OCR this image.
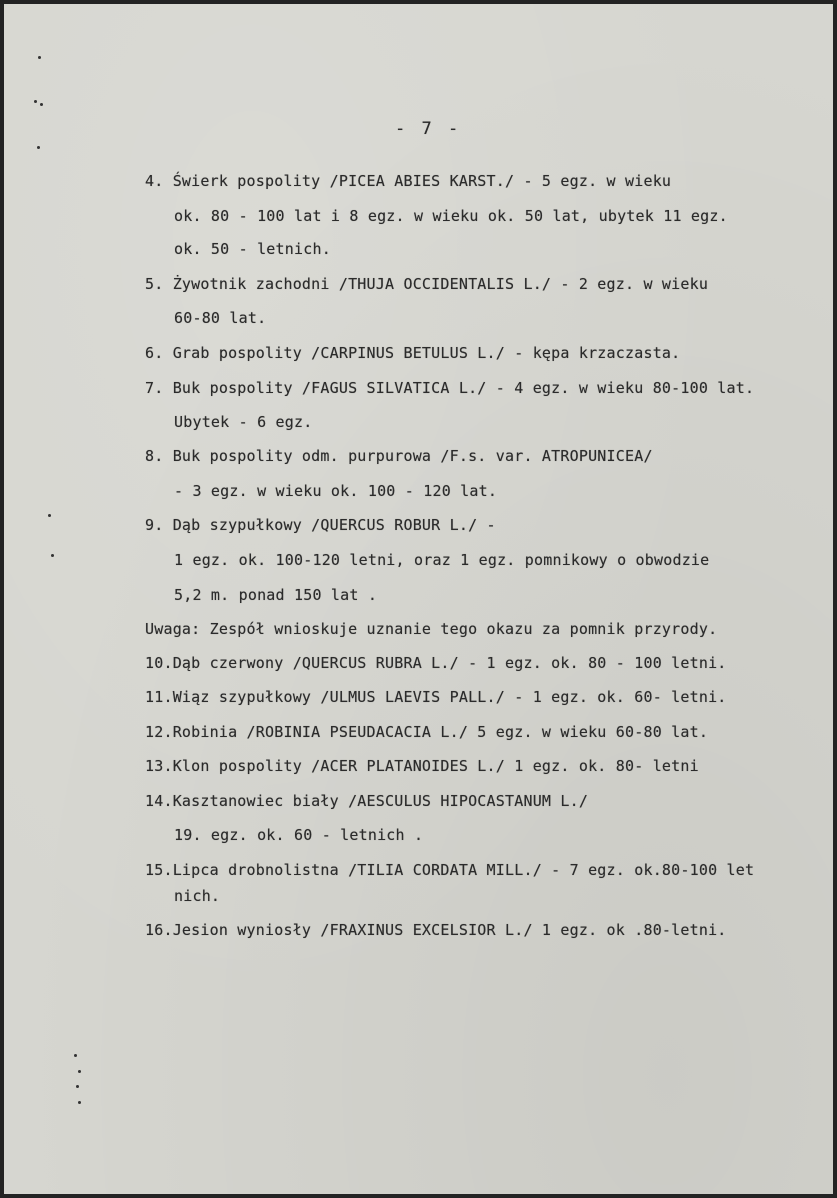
- 7 -
4. Świerk pospolity /PICEA ABIES KARST./ - 5 egz. w wieku
ok. 80 - 100 lat i 8 egz. w wieku ok. 50 lat, ubytek 11 egz.
ok. 50 - letnich.
5. Żywotnik zachodni /THUJA OCCIDENTALIS L./ - 2 egz. w wieku
60-80 lat.
6. Grab pospolity /CARPINUS BETULUS L./ - kępa krzaczasta.
7. Buk pospolity /FAGUS SILVATICA L./ - 4 egz. w wieku 80-100 lat.
Ubytek - 6 egz.
8. Buk pospolity odm. purpurowa /F.s. var. ATROPUNICEA/
- 3 egz. w wieku ok. 100 - 120 lat.
9. Dąb szypułkowy /QUERCUS ROBUR L./ -
1 egz. ok. 100-120 letni, oraz 1 egz. pomnikowy o obwodzie
5,2 m. ponad 150 lat .
Uwaga: Zespół wnioskuje uznanie tego okazu za pomnik przyrody.
10.Dąb czerwony /QUERCUS RUBRA L./ - 1 egz. ok. 80 - 100 letni.
11.Wiąz szypułkowy /ULMUS LAEVIS PALL./ - 1 egz. ok. 60- letni.
12.Robinia /ROBINIA PSEUDACACIA L./ 5 egz. w wieku 60-80 lat.
13.Klon pospolity /ACER PLATANOIDES L./ 1 egz. ok. 80- letni
14.Kasztanowiec biały /AESCULUS HIPOCASTANUM L./
19. egz. ok. 60 - letnich .
15.Lipca drobnolistna /TILIA CORDATA MILL./ - 7 egz. ok.80-100 let
nich.
16.Jesion wyniosły /FRAXINUS EXCELSIOR L./ 1 egz. ok .80-letni.
